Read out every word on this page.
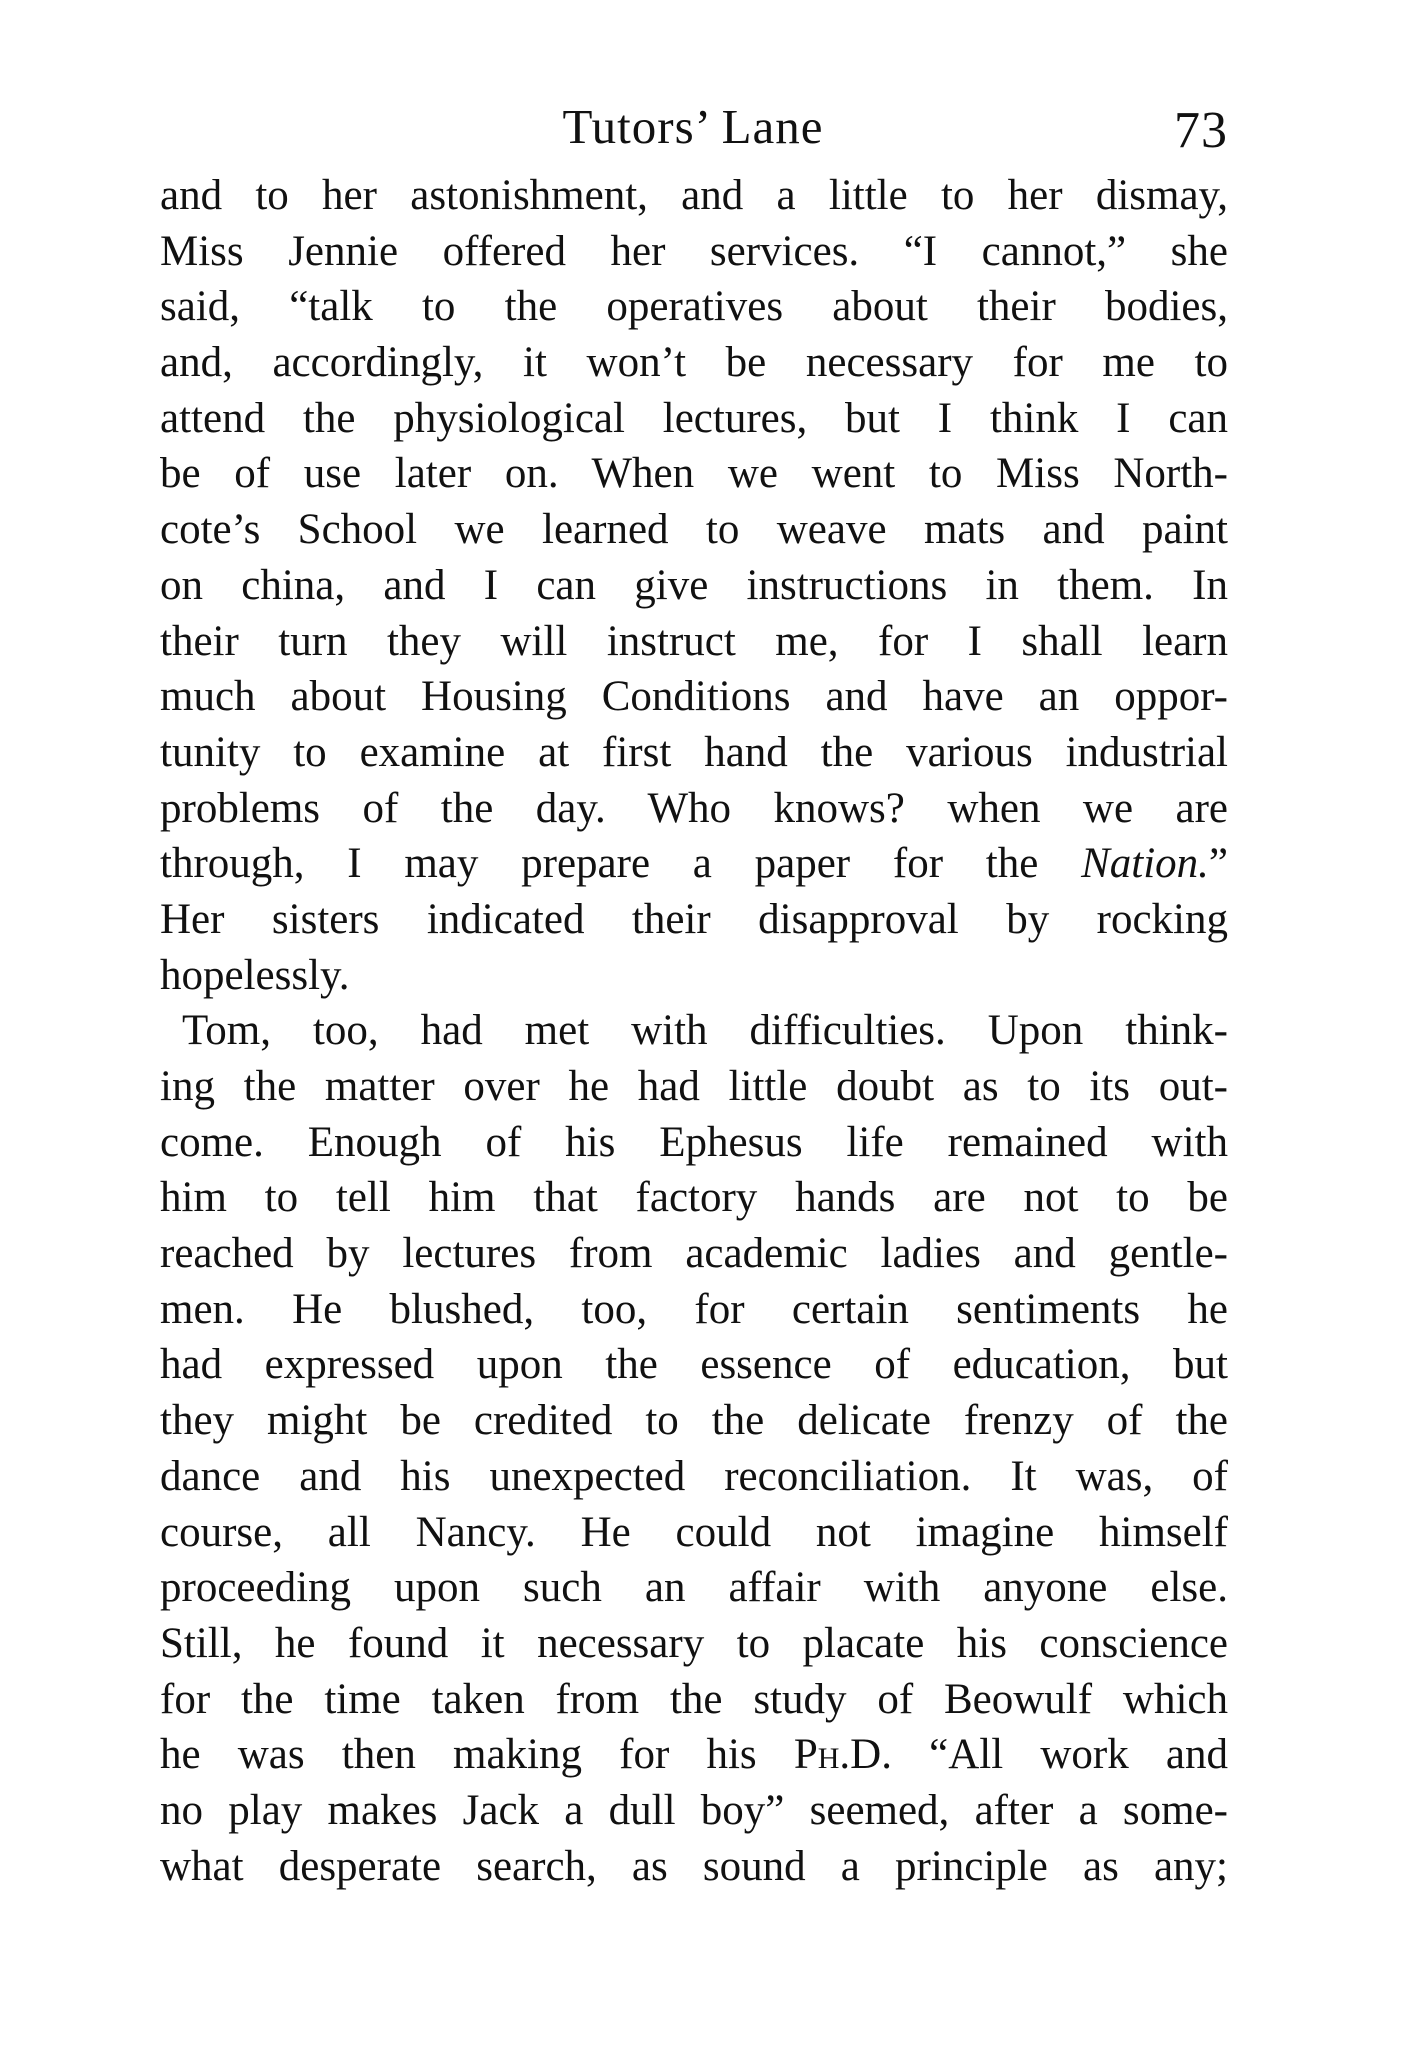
Tutors’ Lane	73
and to her astonishment, and a little to her dismay,
Miss Jennie offered her services. “I cannot,” she
said, “talk to the operatives about their bodies,
and, accordingly, it won’t be necessary for me to
attend the physiological lectures, but I think I can
be of use later on. When we went to Miss North-
cote’s School we learned to weave mats and paint
on china, and I can give instructions in them. In
their turn they will instruct me, for I shall learn
much about Housing Conditions and have an oppor-
tunity to examine at first hand the various industrial
problems of the day. Who knows? when we are
through, I may prepare a paper for the Nation.”
Her sisters indicated their disapproval by rocking
hopelessly.
Tom, too, had met with difficulties. Upon think-
ing the matter over he had little doubt as to its out-
come. Enough of his Ephesus life remained with
him to tell him that factory hands are not to be
reached by lectures from academic ladies and gentle-
men. He blushed, too, for certain sentiments he
had expressed upon the essence of education, but
they might be credited to the delicate frenzy of the
dance and his unexpected reconciliation. It was, of
course, all Nancy. He could not imagine himself
proceeding upon such an affair with anyone else.
Still, he found it necessary to placate his conscience
for the time taken from the study of Beowulf which
he was then making for his Ph.D. “All work and
no play makes Jack a dull boy” seemed, after a some-
what desperate search, as sound a principle as any;
